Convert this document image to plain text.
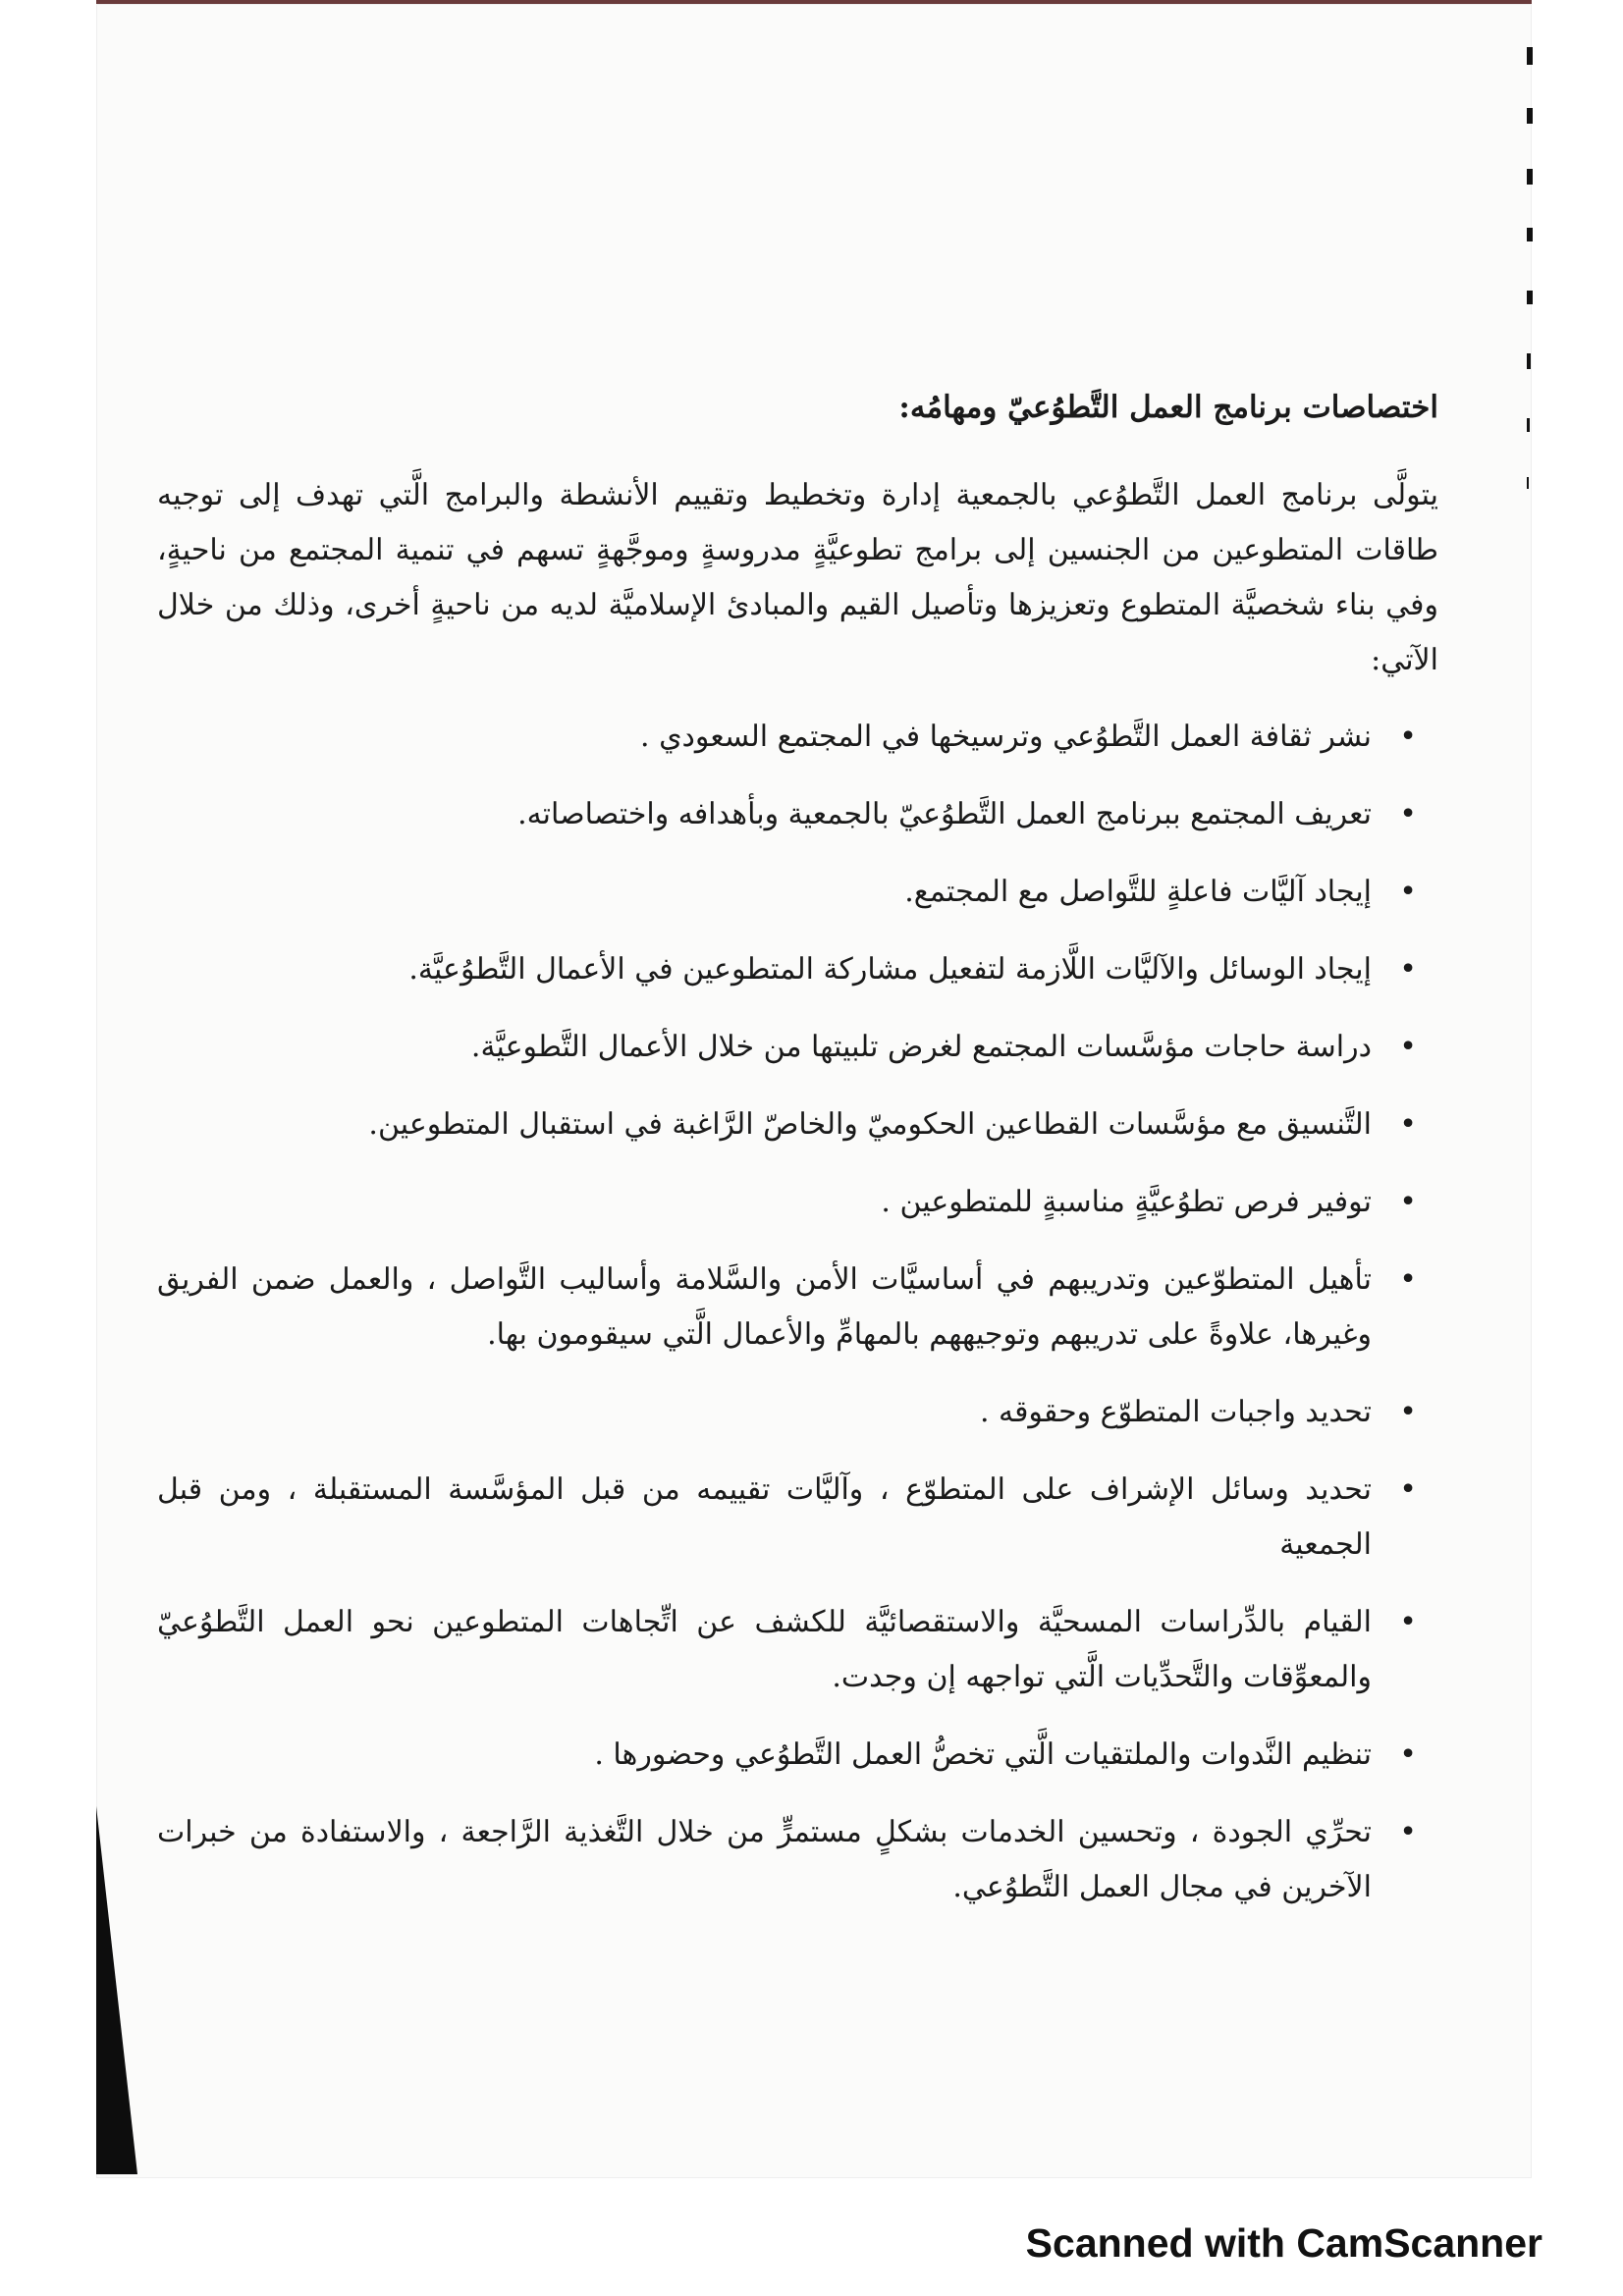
اختصاصات برنامج العمل التَّطوُعيّ ومهامُه:

يتولَّى برنامج العمل التَّطوُعي بالجمعية إدارة وتخطيط وتقييم الأنشطة والبرامج الَّتي تهدف إلى توجيه طاقات المتطوعين من الجنسين إلى برامج تطوعيَّةٍ مدروسةٍ وموجَّهةٍ تسهم في تنمية المجتمع من ناحيةٍ، وفي بناء شخصيَّة المتطوع وتعزيزها وتأصيل القيم والمبادئ الإسلاميَّة لديه من ناحيةٍ أخرى، وذلك من خلال الآتي:

• نشر ثقافة العمل التَّطوُعي وترسيخها في المجتمع السعودي .
• تعريف المجتمع ببرنامج العمل التَّطوُعيّ بالجمعية وبأهدافه واختصاصاته.
• إيجاد آليَّات فاعلةٍ للتَّواصل مع المجتمع.
• إيجاد الوسائل والآليَّات اللَّازمة لتفعيل مشاركة المتطوعين في الأعمال التَّطوُعيَّة.
• دراسة حاجات مؤسَّسات المجتمع لغرض تلبيتها من خلال الأعمال التَّطوعيَّة.
• التَّنسيق مع مؤسَّسات القطاعين الحكوميّ والخاصّ الرَّاغبة في استقبال المتطوعين.
• توفير فرص تطوُعيَّةٍ مناسبةٍ للمتطوعين .
• تأهيل المتطوّعين وتدريبهم في أساسيَّات الأمن والسَّلامة وأساليب التَّواصل ، والعمل ضمن الفريق وغيرها، علاوةً على تدريبهم وتوجيههم بالمهامِّ والأعمال الَّتي سيقومون بها.
• تحديد واجبات المتطوّع وحقوقه .
• تحديد وسائل الإشراف على المتطوّع ، وآليَّات تقييمه من قبل المؤسَّسة المستقبلة ، ومن قبل الجمعية
• القيام بالدِّراسات المسحيَّة والاستقصائيَّة للكشف عن اتِّجاهات المتطوعين نحو العمل التَّطوُعيّ والمعوِّقات والتَّحدِّيات الَّتي تواجهه إن وجدت.
• تنظيم النَّدوات والملتقيات الَّتي تخصُّ العمل التَّطوُعي وحضورها .
• تحرِّي الجودة ، وتحسين الخدمات بشكلٍ مستمرٍّ من خلال التَّغذية الرَّاجعة ، والاستفادة من خبرات الآخرين في مجال العمل التَّطوُعي.
Scanned with CamScanner
